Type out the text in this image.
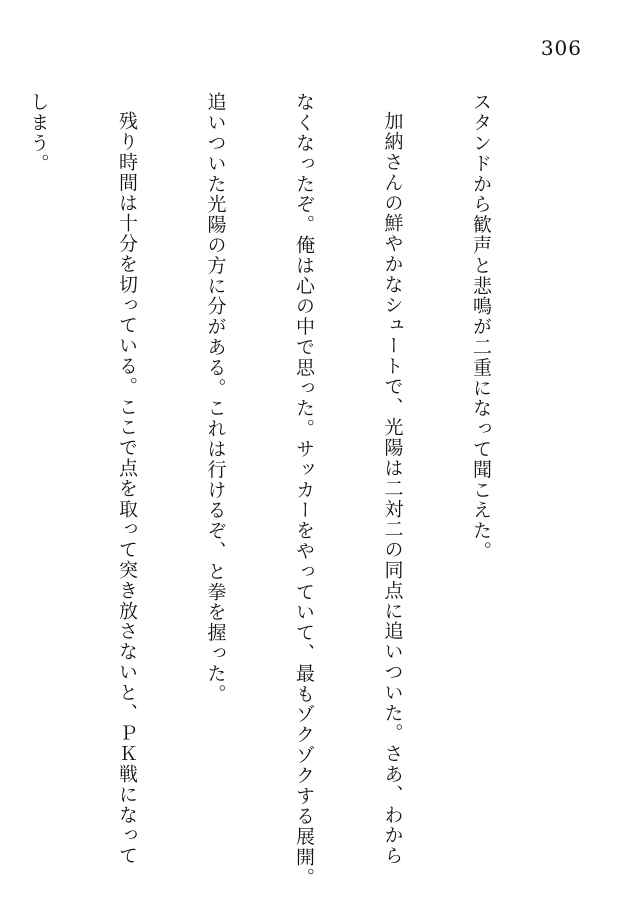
306

スタンドから歓声と悲鳴が二重になって聞こえた。

加納さんの鮮やかなシュートで、光陽は二対二の同点に追いついた。さあ、わから

なくなったぞ。俺は心の中で思った。サッカーをやっていて、最もゾクゾクする展開。

追いついた光陽の方に分がある。これは行けるぞ、と拳を握った。

残り時間は十分を切っている。ここで点を取って突き放さないと、ＰＫ戦になって

しまう。
